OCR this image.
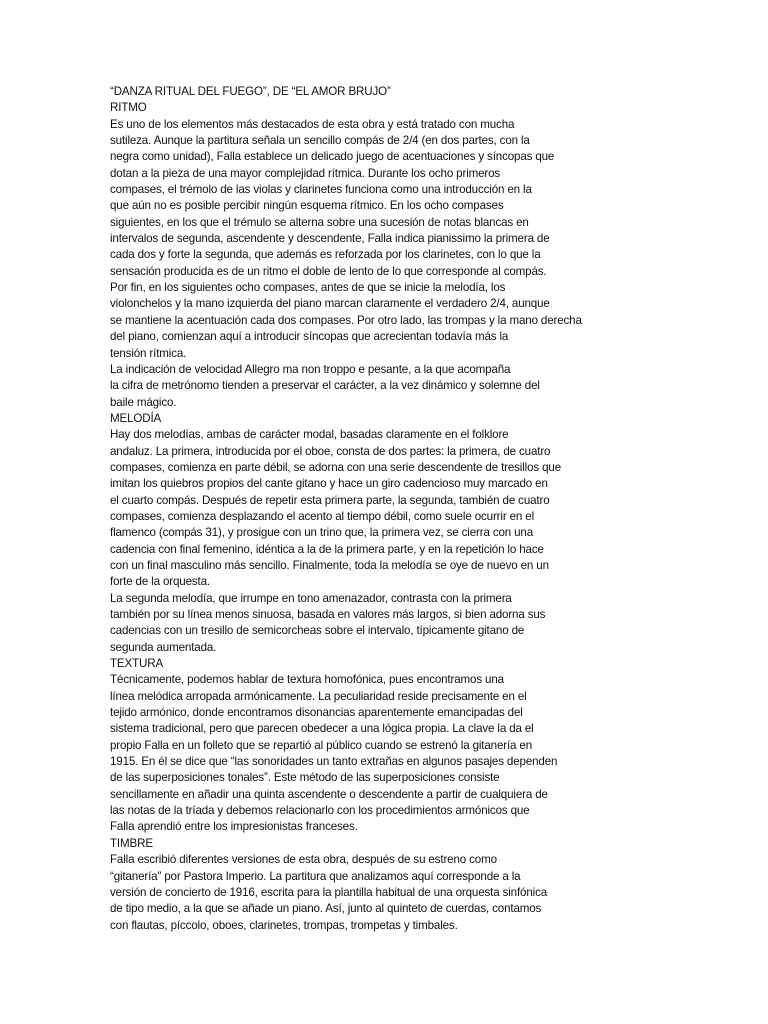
“DANZA RITUAL DEL FUEGO”, DE “EL AMOR BRUJO”
RITMO
Es uno de los elementos más destacados de esta obra y está tratado con mucha
sutileza. Aunque la partitura señala un sencillo compás de 2/4 (en dos partes, con la
negra como unidad), Falla establece un delicado juego de acentuaciones y síncopas que
dotan a la pieza de una mayor complejidad rítmica. Durante los ocho primeros
compases, el trémolo de las violas y clarinetes funciona como una introducción en la
que aún no es posible percibir ningún esquema rítmico. En los ocho compases
siguientes, en los que el trémulo se alterna sobre una sucesión de notas blancas en
intervalos de segunda, ascendente y descendente, Falla indica pianissimo la primera de
cada dos y forte la segunda, que además es reforzada por los clarinetes, con lo que la
sensación producida es de un ritmo el doble de lento de lo que corresponde al compás.
Por fin, en los siguientes ocho compases, antes de que se inicie la melodía, los
violonchelos y la mano izquierda del piano marcan claramente el verdadero 2/4, aunque
se mantiene la acentuación cada dos compases. Por otro lado, las trompas y la mano derecha
del piano, comienzan aquí a introducir síncopas que acrecientan todavía más la
tensión rítmica.
La indicación de velocidad Allegro ma non troppo e pesante, a la que acompaña
la cifra de metrónomo tienden a preservar el carácter, a la vez dinámico y solemne del
baile mágico.
MELODÍA
Hay dos melodías, ambas de carácter modal, basadas claramente en el folklore
andaluz. La primera, introducida por el oboe, consta de dos partes: la primera, de cuatro
compases, comienza en parte débil, se adorna con una serie descendente de tresillos que
imitan los quiebros propios del cante gitano y hace un giro cadencioso muy marcado en
el cuarto compás. Después de repetir esta primera parte, la segunda, también de cuatro
compases, comienza desplazando el acento al tiempo débil, como suele ocurrir en el
flamenco (compás 31), y prosigue con un trino que, la primera vez, se cierra con una
cadencia con final femenino, idéntica a la de la primera parte, y en la repetición lo hace
con un final masculino más sencillo. Finalmente, toda la melodía se oye de nuevo en un
forte de la orquesta.
La segunda melodía, que irrumpe en tono amenazador, contrasta con la primera
también por su línea menos sinuosa, basada en valores más largos, si bien adorna sus
cadencias con un tresillo de semicorcheas sobre el intervalo, típicamente gitano de
segunda aumentada.
TEXTURA
Técnicamente, podemos hablar de textura homofónica, pues encontramos una
línea melódica arropada armónicamente. La peculiaridad reside precisamente en el
tejido armónico, donde encontramos disonancias aparentemente emancipadas del
sistema tradicional, pero que parecen obedecer a una lógica propia. La clave la da el
propio Falla en un folleto que se repartió al público cuando se estrenó la gitanería en
1915. En él se dice que “las sonoridades un tanto extrañas en algunos pasajes dependen
de las superposiciones tonales”. Este método de las superposiciones consiste
sencillamente en añadir una quinta ascendente o descendente a partir de cualquiera de
las notas de la tríada y debemos relacionarlo con los procedimientos armónicos que
Falla aprendió entre los impresionistas franceses.
TIMBRE
Falla escribió diferentes versiones de esta obra, después de su estreno como
“gitanería” por Pastora Imperio. La partitura que analizamos aquí corresponde a la
versión de concierto de 1916, escrita para la plantilla habitual de una orquesta sinfónica
de tipo medio, a la que se añade un piano. Así, junto al quinteto de cuerdas, contamos
con flautas, píccolo, oboes, clarinetes, trompas, trompetas y timbales.
